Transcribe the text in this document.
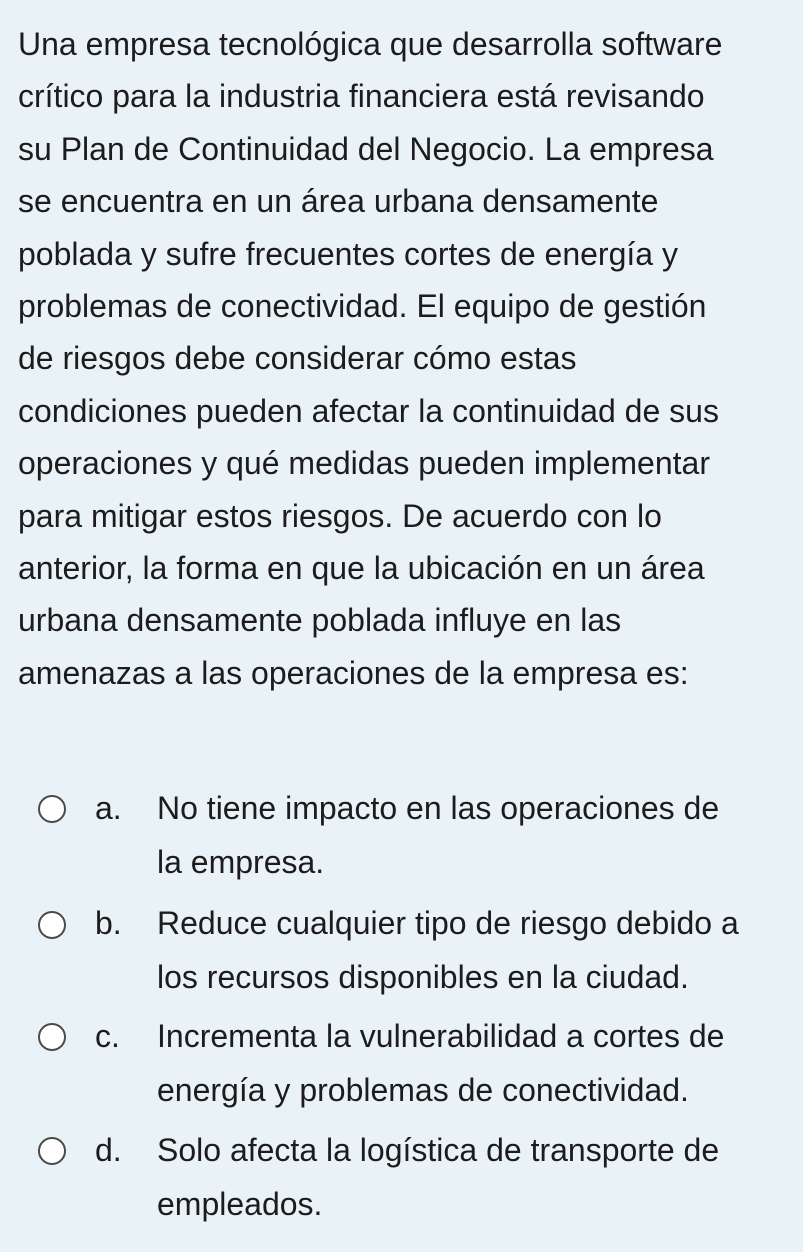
Una empresa tecnológica que desarrolla software
crítico para la industria financiera está revisando
su Plan de Continuidad del Negocio. La empresa
se encuentra en un área urbana densamente
poblada y sufre frecuentes cortes de energía y
problemas de conectividad. El equipo de gestión
de riesgos debe considerar cómo estas
condiciones pueden afectar la continuidad de sus
operaciones y qué medidas pueden implementar
para mitigar estos riesgos. De acuerdo con lo
anterior, la forma en que la ubicación en un área
urbana densamente poblada influye en las
amenazas a las operaciones de la empresa es:
a. No tiene impacto en las operaciones de
la empresa.
b. Reduce cualquier tipo de riesgo debido a
los recursos disponibles en la ciudad.
c. Incrementa la vulnerabilidad a cortes de
energía y problemas de conectividad.
d. Solo afecta la logística de transporte de
empleados.
